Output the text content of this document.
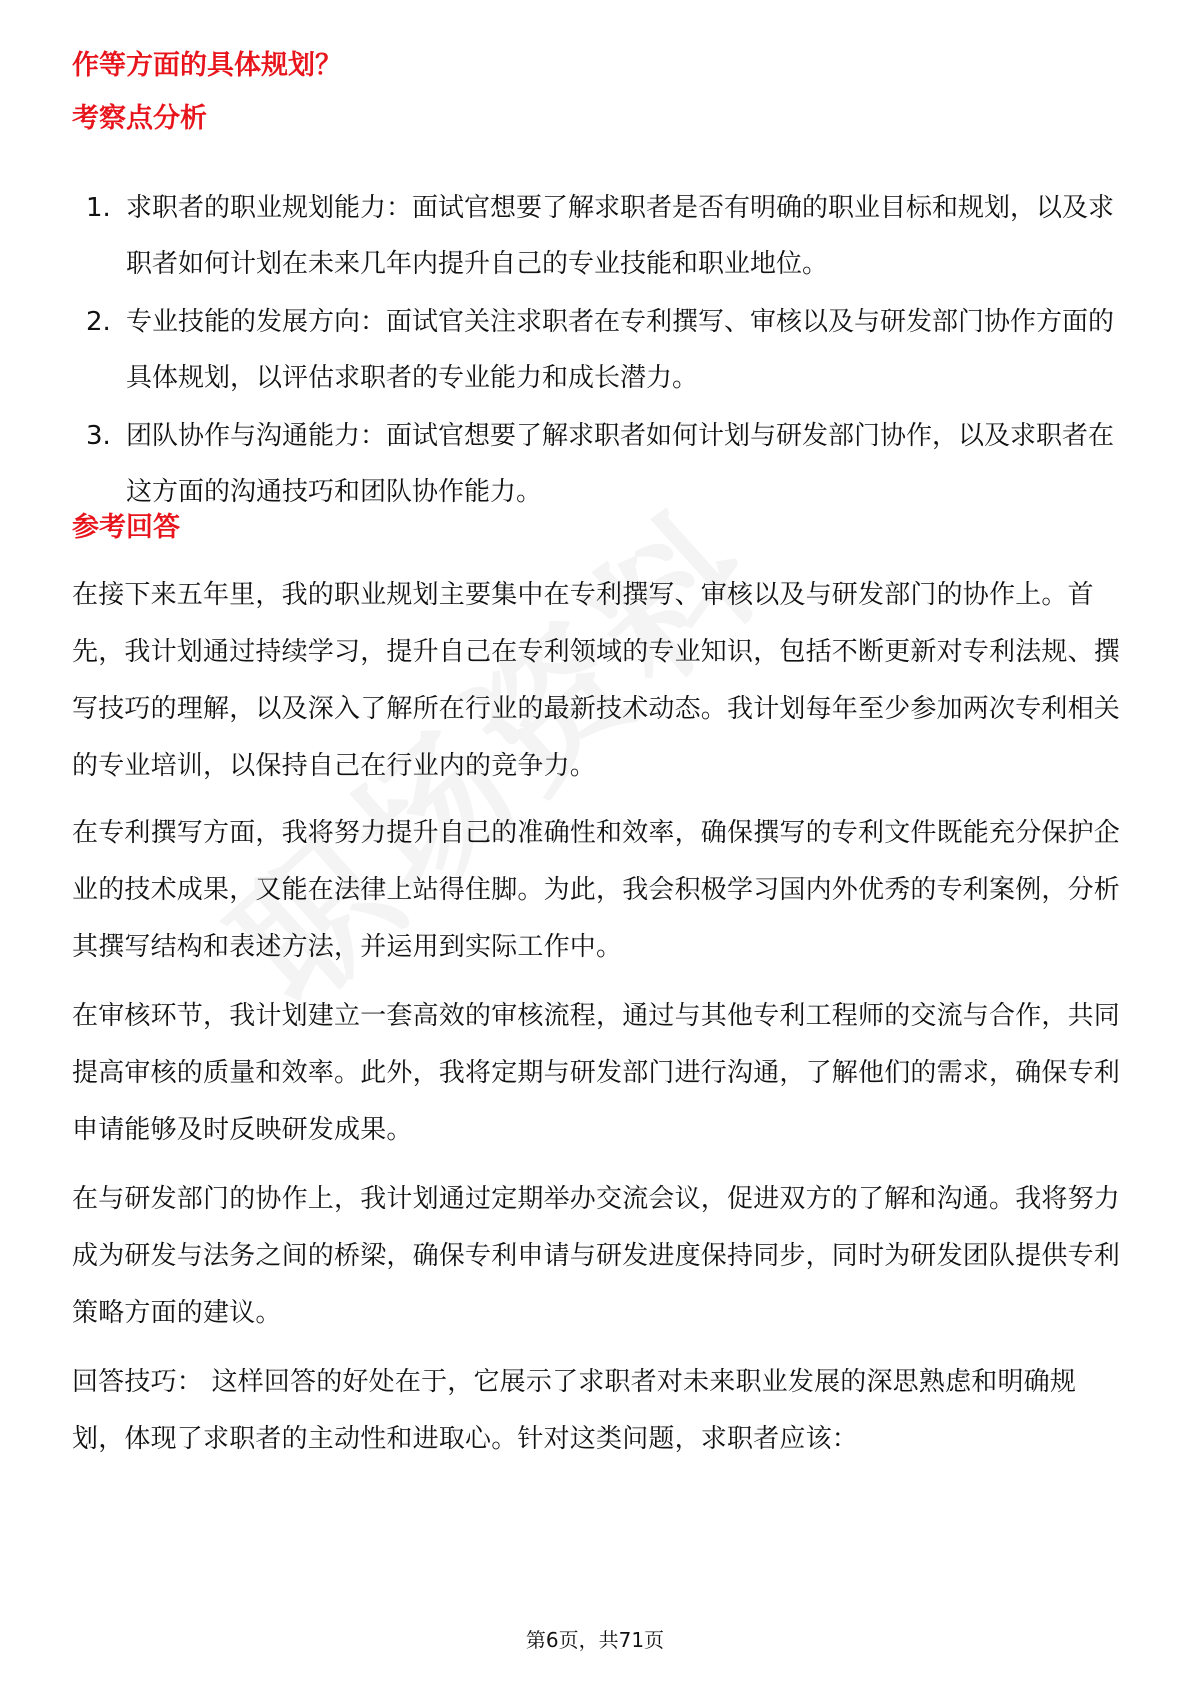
作等方面的具体规划？

考察点分析

1. 求职者的职业规划能力：面试官想要了解求职者是否有明确的职业目标和规划，以及求职者如何计划在未来几年内提升自己的专业技能和职业地位。
2. 专业技能的发展方向：面试官关注求职者在专利撰写、审核以及与研发部门协作方面的具体规划，以评估求职者的专业能力和成长潜力。
3. 团队协作与沟通能力：面试官想要了解求职者如何计划与研发部门协作，以及求职者在这方面的沟通技巧和团队协作能力。

参考回答

在接下来五年里，我的职业规划主要集中在专利撰写、审核以及与研发部门的协作上。首先，我计划通过持续学习，提升自己在专利领域的专业知识，包括不断更新对专利法规、撰写技巧的理解，以及深入了解所在行业的最新技术动态。我计划每年至少参加两次专利相关的专业培训，以保持自己在行业内的竞争力。

在专利撰写方面，我将努力提升自己的准确性和效率，确保撰写的专利文件既能充分保护企业的技术成果，又能在法律上站得住脚。为此，我会积极学习国内外优秀的专利案例，分析其撰写结构和表述方法，并运用到实际工作中。

在审核环节，我计划建立一套高效的审核流程，通过与其他专利工程师的交流与合作，共同提高审核的质量和效率。此外，我将定期与研发部门进行沟通，了解他们的需求，确保专利申请能够及时反映研发成果。

在与研发部门的协作上，我计划通过定期举办交流会议，促进双方的了解和沟通。我将努力成为研发与法务之间的桥梁，确保专利申请与研发进度保持同步，同时为研发团队提供专利策略方面的建议。

回答技巧： 这样回答的好处在于，它展示了求职者对未来职业发展的深思熟虑和明确规划，体现了求职者的主动性和进取心。针对这类问题，求职者应该：

第6页，共71页
